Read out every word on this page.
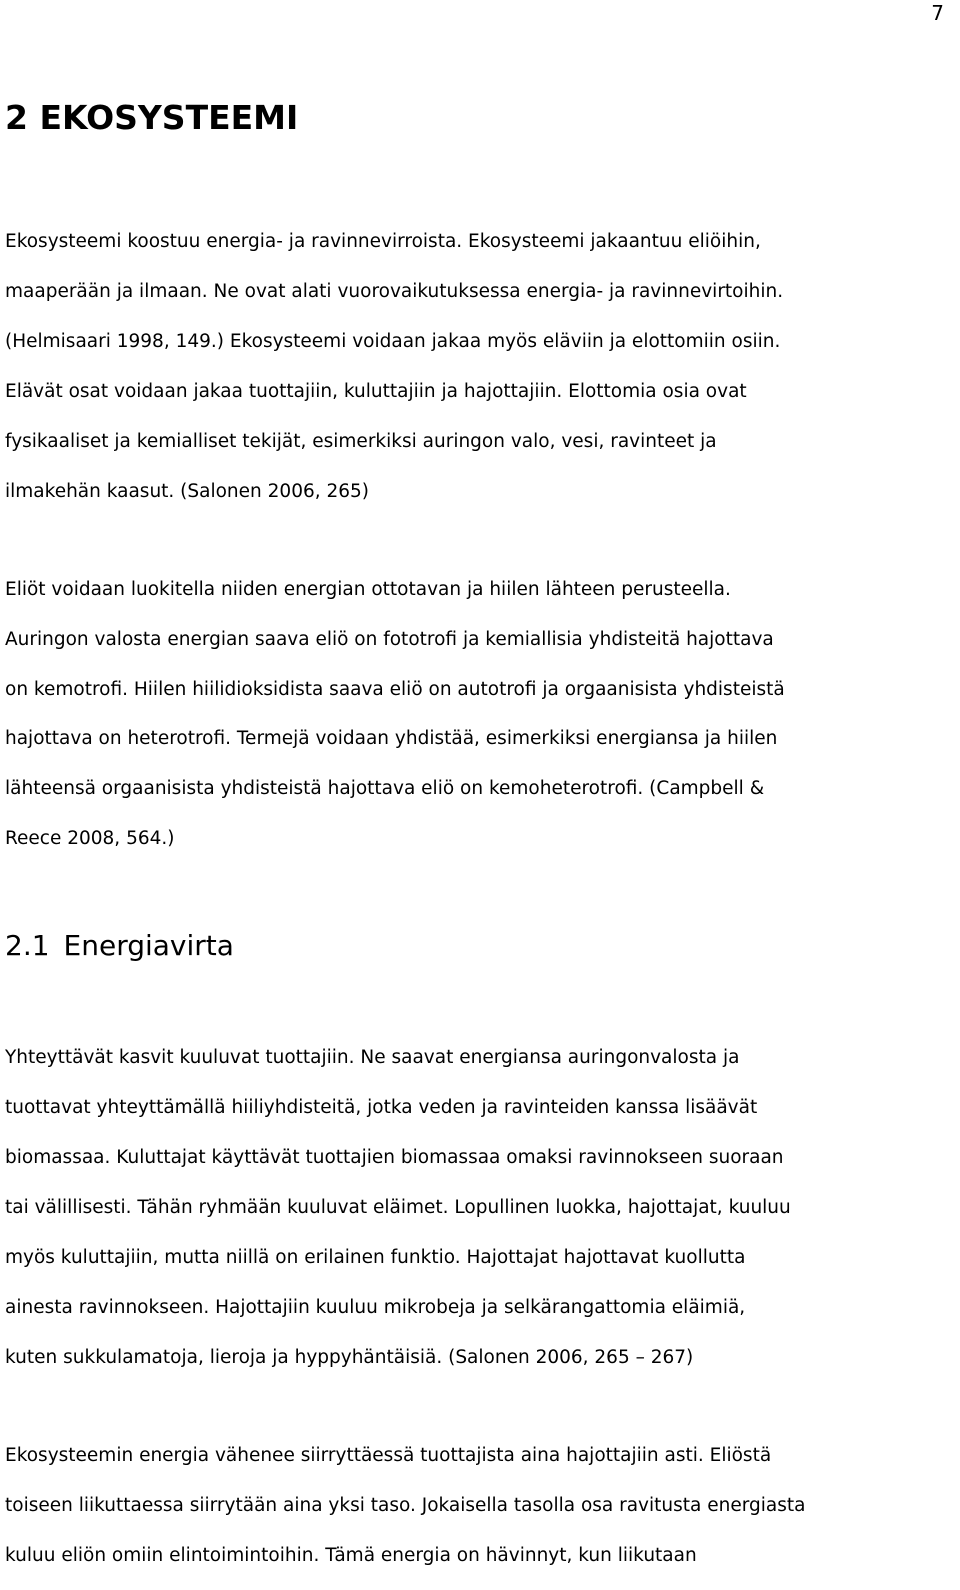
7
2 EKOSYSTEEMI
2.1 Energiavirta
Ekosysteemi koostuu energia- ja ravinnevirroista. Ekosysteemi jakaantuu eliöihin,
maaperään ja ilmaan. Ne ovat alati vuorovaikutuksessa energia- ja ravinnevirtoihin.
(Helmisaari 1998, 149.) Ekosysteemi voidaan jakaa myös eläviin ja elottomiin osiin.
Elävät osat voidaan jakaa tuottajiin, kuluttajiin ja hajottajiin. Elottomia osia ovat
fysikaaliset ja kemialliset tekijät, esimerkiksi auringon valo, vesi, ravinteet ja
ilmakehän kaasut. (Salonen 2006, 265)
Eliöt voidaan luokitella niiden energian ottotavan ja hiilen lähteen perusteella.
Auringon valosta energian saava eliö on fototrofi ja kemiallisia yhdisteitä hajottava
on kemotrofi. Hiilen hiilidioksidista saava eliö on autotrofi ja orgaanisista yhdisteistä
hajottava on heterotrofi. Termejä voidaan yhdistää, esimerkiksi energiansa ja hiilen
lähteensä orgaanisista yhdisteistä hajottava eliö on kemoheterotrofi. (Campbell &
Reece 2008, 564.)
Yhteyttävät kasvit kuuluvat tuottajiin. Ne saavat energiansa auringonvalosta ja
tuottavat yhteyttämällä hiiliyhdisteitä, jotka veden ja ravinteiden kanssa lisäävät
biomassaa. Kuluttajat käyttävät tuottajien biomassaa omaksi ravinnokseen suoraan
tai välillisesti. Tähän ryhmään kuuluvat eläimet. Lopullinen luokka, hajottajat, kuuluu
myös kuluttajiin, mutta niillä on erilainen funktio. Hajottajat hajottavat kuollutta
ainesta ravinnokseen. Hajottajiin kuuluu mikrobeja ja selkärangattomia eläimiä,
kuten sukkulamatoja, lieroja ja hyppyhäntäisiä. (Salonen 2006, 265 – 267)
Ekosysteemin energia vähenee siirryttäessä tuottajista aina hajottajiin asti. Eliöstä
toiseen liikuttaessa siirrytään aina yksi taso. Jokaisella tasolla osa ravitusta energiasta
kuluu eliön omiin elintoimintoihin. Tämä energia on hävinnyt, kun liikutaan
